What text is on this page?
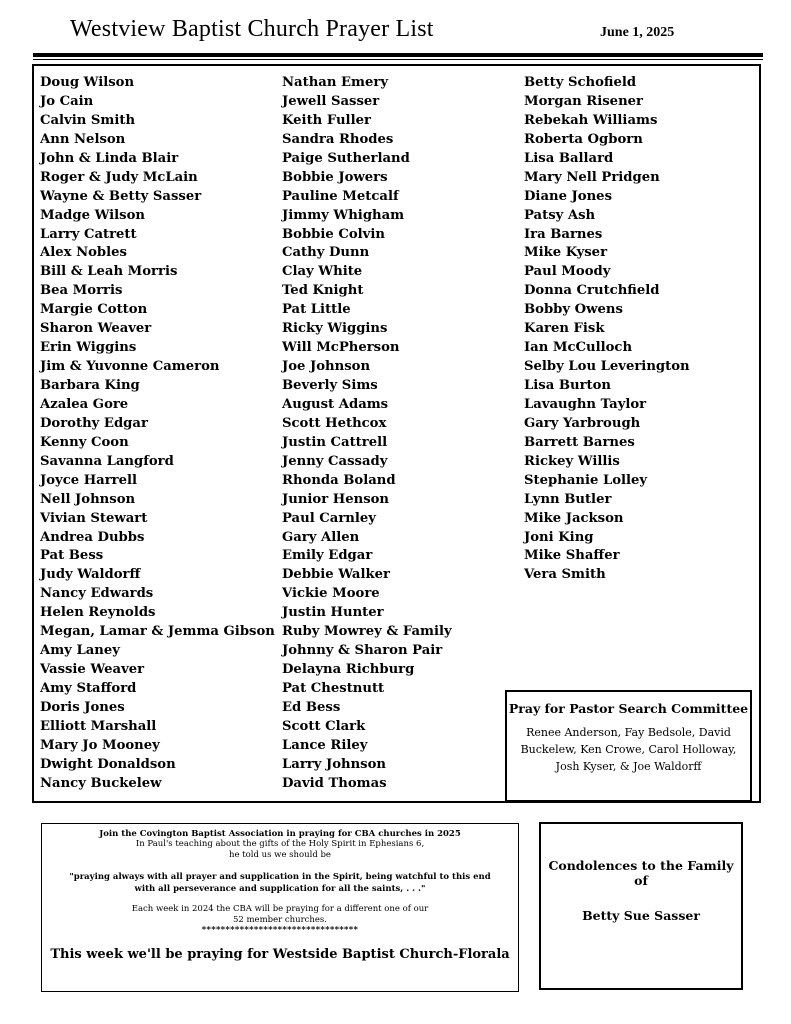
Westview Baptist Church Prayer List	June 1, 2025
Doug Wilson
Jo Cain
Calvin Smith
Ann Nelson
John & Linda Blair
Roger & Judy McLain
Wayne & Betty Sasser
Madge Wilson
Larry Catrett
Alex Nobles
Bill & Leah Morris
Bea Morris
Margie Cotton
Sharon Weaver
Erin Wiggins
Jim & Yuvonne Cameron
Barbara King
Azalea Gore
Dorothy Edgar
Kenny Coon
Savanna Langford
Joyce Harrell
Nell Johnson
Vivian Stewart
Andrea Dubbs
Pat Bess
Judy Waldorff
Nancy Edwards
Helen Reynolds
Megan, Lamar & Jemma Gibson
Amy Laney
Vassie Weaver
Amy Stafford
Doris Jones
Elliott Marshall
Mary Jo Mooney
Dwight Donaldson
Nancy Buckelew
Nathan Emery
Jewell Sasser
Keith Fuller
Sandra Rhodes
Paige Sutherland
Bobbie Jowers
Pauline Metcalf
Jimmy Whigham
Bobbie Colvin
Cathy Dunn
Clay White
Ted Knight
Pat Little
Ricky Wiggins
Will McPherson
Joe Johnson
Beverly Sims
August Adams
Scott Hethcox
Justin Cattrell
Jenny Cassady
Rhonda Boland
Junior Henson
Paul Carnley
Gary Allen
Emily Edgar
Debbie Walker
Vickie Moore
Justin Hunter
Ruby Mowrey & Family
Johnny & Sharon Pair
Delayna Richburg
Pat Chestnutt
Ed Bess
Scott Clark
Lance Riley
Larry Johnson
David Thomas
Betty Schofield
Morgan Risener
Rebekah Williams
Roberta Ogborn
Lisa Ballard
Mary Nell Pridgen
Diane Jones
Patsy Ash
Ira Barnes
Mike Kyser
Paul Moody
Donna Crutchfield
Bobby Owens
Karen Fisk
Ian McCulloch
Selby Lou Leverington
Lisa Burton
Lavaughn Taylor
Gary Yarbrough
Barrett Barnes
Rickey Willis
Stephanie Lolley
Lynn Butler
Mike Jackson
Joni King
Mike Shaffer
Vera Smith
Pray for Pastor Search Committee
Renee Anderson, Fay Bedsole, David Buckelew, Ken Crowe, Carol Holloway, Josh Kyser, & Joe Waldorff
Join the Covington Baptist Association in praying for CBA churches in 2025
In Paul's teaching about the gifts of the Holy Spirit in Ephesians 6,
he told us we should be
"praying always with all prayer and supplication in the Spirit, being watchful to this end with all perseverance and supplication for all the saints, . . ."
Each week in 2024 the CBA will be praying for a different one of our
52 member churches.
*********************************
This week we'll be praying for Westside Baptist Church-Florala
Condolences to the Family of
Betty Sue Sasser
